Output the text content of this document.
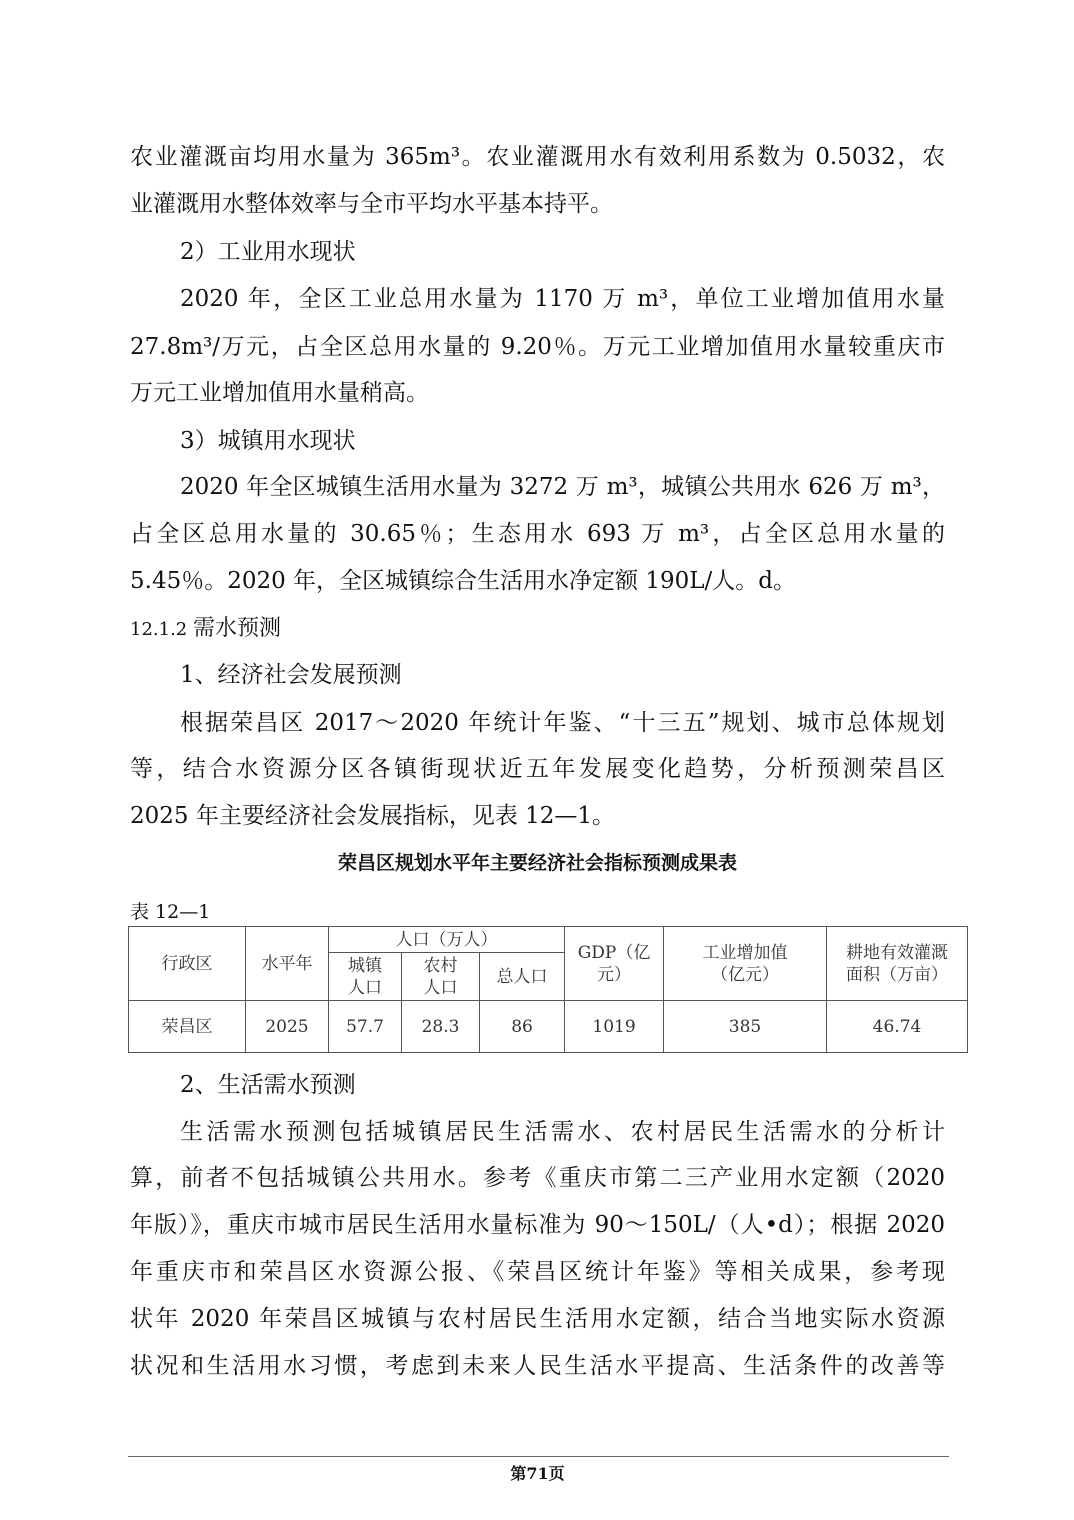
农业灌溉亩均用水量为 365m³。农业灌溉用水有效利用系数为 0.5032，农
业灌溉用水整体效率与全市平均水平基本持平。
2）工业用水现状
2020 年，全区工业总用水量为 1170 万 m³，单位工业增加值用水量
27.8m³/万元，占全区总用水量的 9.20％。万元工业增加值用水量较重庆市
万元工业增加值用水量稍高。
3）城镇用水现状
2020 年全区城镇生活用水量为 3272 万 m³，城镇公共用水 626 万 m³，
占全区总用水量的 30.65％；生态用水 693 万 m³，占全区总用水量的
5.45％。2020 年，全区城镇综合生活用水净定额 190L/人。d。
12.1.2 需水预测
1、经济社会发展预测
根据荣昌区 2017～2020 年统计年鉴、“十三五”规划、城市总体规划
等，结合水资源分区各镇街现状近五年发展变化趋势，分析预测荣昌区
2025 年主要经济社会发展指标，见表 12—1。
荣昌区规划水平年主要经济社会指标预测成果表
表 12—1
行政区	水平年	人口（万人）			GDP（亿元）	工业增加值（亿元）	耕地有效灌溉面积（万亩）
		城镇人口	农村人口	总人口			
荣昌区	2025	57.7	28.3	86	1019	385	46.74
2、生活需水预测
生活需水预测包括城镇居民生活需水、农村居民生活需水的分析计
算，前者不包括城镇公共用水。参考《重庆市第二三产业用水定额（2020
年版）》，重庆市城市居民生活用水量标准为 90～150L/（人•d）；根据 2020
年重庆市和荣昌区水资源公报、《荣昌区统计年鉴》等相关成果，参考现
状年 2020 年荣昌区城镇与农村居民生活用水定额，结合当地实际水资源
状况和生活用水习惯，考虑到未来人民生活水平提高、生活条件的改善等
第71页
